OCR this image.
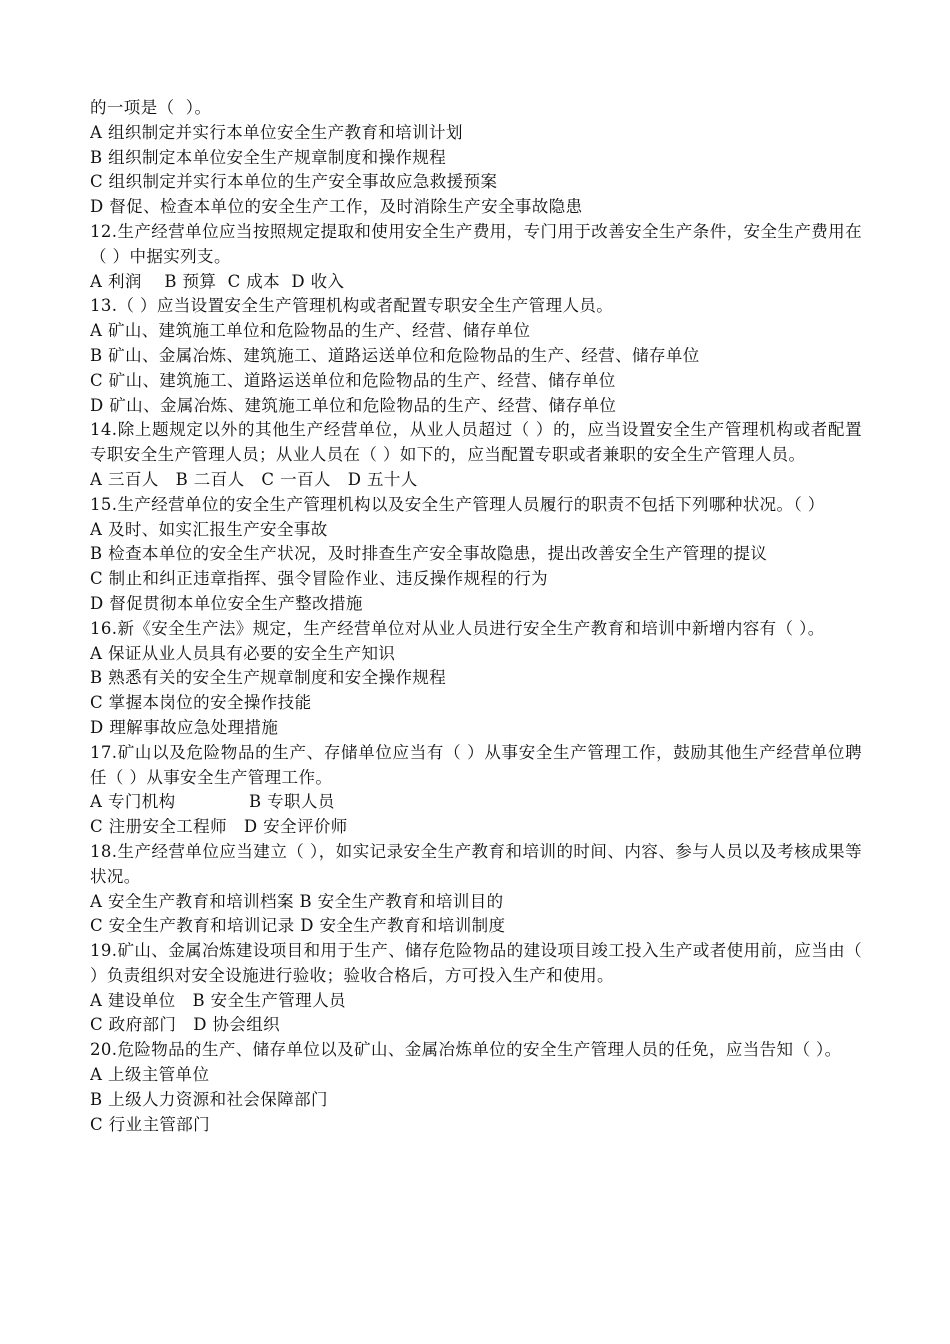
的一项是（  ）。
A 组织制定并实行本单位安全生产教育和培训计划
B 组织制定本单位安全生产规章制度和操作规程
C 组织制定并实行本单位的生产安全事故应急救援预案
D 督促、检查本单位的安全生产工作，及时消除生产安全事故隐患
12.生产经营单位应当按照规定提取和使用安全生产费用，专门用于改善安全生产条件，安全生产费用在（ ）中据实列支。
A 利润    B 预算  C 成本  D 收入
13.（ ）应当设置安全生产管理机构或者配置专职安全生产管理人员。
A 矿山、建筑施工单位和危险物品的生产、经营、储存单位
B 矿山、金属冶炼、建筑施工、道路运送单位和危险物品的生产、经营、储存单位
C 矿山、建筑施工、道路运送单位和危险物品的生产、经营、储存单位
D 矿山、金属冶炼、建筑施工单位和危险物品的生产、经营、储存单位
14.除上题规定以外的其他生产经营单位，从业人员超过（ ）的，应当设置安全生产管理机构或者配置专职安全生产管理人员；从业人员在（ ）如下的，应当配置专职或者兼职的安全生产管理人员。
A 三百人   B 二百人   C 一百人   D 五十人
15.生产经营单位的安全生产管理机构以及安全生产管理人员履行的职责不包括下列哪种状况。（ ）
A 及时、如实汇报生产安全事故
B 检查本单位的安全生产状况，及时排查生产安全事故隐患，提出改善安全生产管理的提议
C 制止和纠正违章指挥、强令冒险作业、违反操作规程的行为
D 督促贯彻本单位安全生产整改措施
16.新《安全生产法》规定，生产经营单位对从业人员进行安全生产教育和培训中新增内容有（ ）。
A 保证从业人员具有必要的安全生产知识
B 熟悉有关的安全生产规章制度和安全操作规程
C 掌握本岗位的安全操作技能
D 理解事故应急处理措施
17.矿山以及危险物品的生产、存储单位应当有（ ）从事安全生产管理工作，鼓励其他生产经营单位聘任（ ）从事安全生产管理工作。
A 专门机构             B 专职人员
C 注册安全工程师   D 安全评价师
18.生产经营单位应当建立（ ），如实记录安全生产教育和培训的时间、内容、参与人员以及考核成果等状况。
A 安全生产教育和培训档案 B 安全生产教育和培训目的
C 安全生产教育和培训记录 D 安全生产教育和培训制度
19.矿山、金属冶炼建设项目和用于生产、储存危险物品的建设项目竣工投入生产或者使用前，应当由（ ）负责组织对安全设施进行验收；验收合格后，方可投入生产和使用。
A 建设单位   B 安全生产管理人员
C 政府部门   D 协会组织
20.危险物品的生产、储存单位以及矿山、金属冶炼单位的安全生产管理人员的任免，应当告知（ ）。
A 上级主管单位
B 上级人力资源和社会保障部门
C 行业主管部门
